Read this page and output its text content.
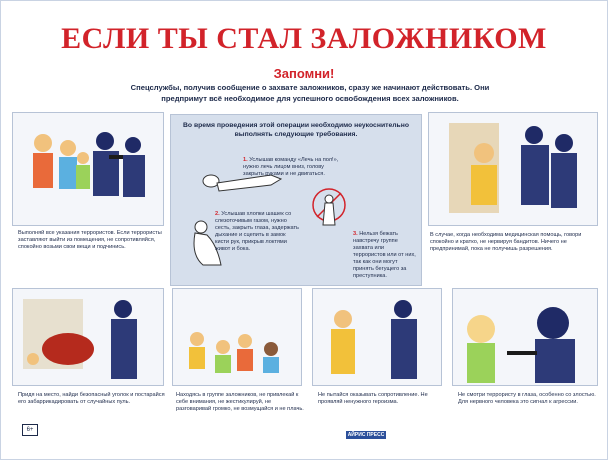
ЕСЛИ ТЫ СТАЛ ЗАЛОЖНИКОМ
Запомни!
Спецслужбы, получив сообщение о захвате заложников, сразу же начинают действовать. Они предпримут всё необходимое для успешного освобождения всех заложников.
Выполняй все указания террористов. Если террористы заставляют выйти из помещения, не сопротивляйся, спокойно возьми свои вещи и подчинись.
В случае, когда необходима медицинская помощь, говори спокойно и кратко, не нервируя бандитов. Ничего не предпринимай, пока не получишь разрешения.
Во время проведения этой операции необходимо неукоснительно выполнять следующие требования.
1. Услышав команду «Лечь на пол!», нужно лечь лицом вниз, голову закрыть руками и не двигаться.
2. Услышав хлопки шашек со слезоточивым газом, нужно сесть, закрыть глаза, задержать дыхание и сцепить в замок кисти рук, прикрыв локтями живот и бока.
3. Нельзя бежать навстречу группе захвата или террористов или от них, так как они могут принять бегущего за преступника.
Придя на место, найди безопасный уголок и постарайся его забаррикадировать от случайных пуль.
Находясь в группе заложников, не привлекай к себе внимания, не жестикулируй, не разговаривай громко, не возмущайся и не плачь.
Не пытайся оказывать сопротивление. Не проявляй ненужного героизма.
Не смотри террористу в глаза, особенно со злостью. Для нервного человека это сигнал к агрессии.
6+
АЙРИС ПРЕСС
